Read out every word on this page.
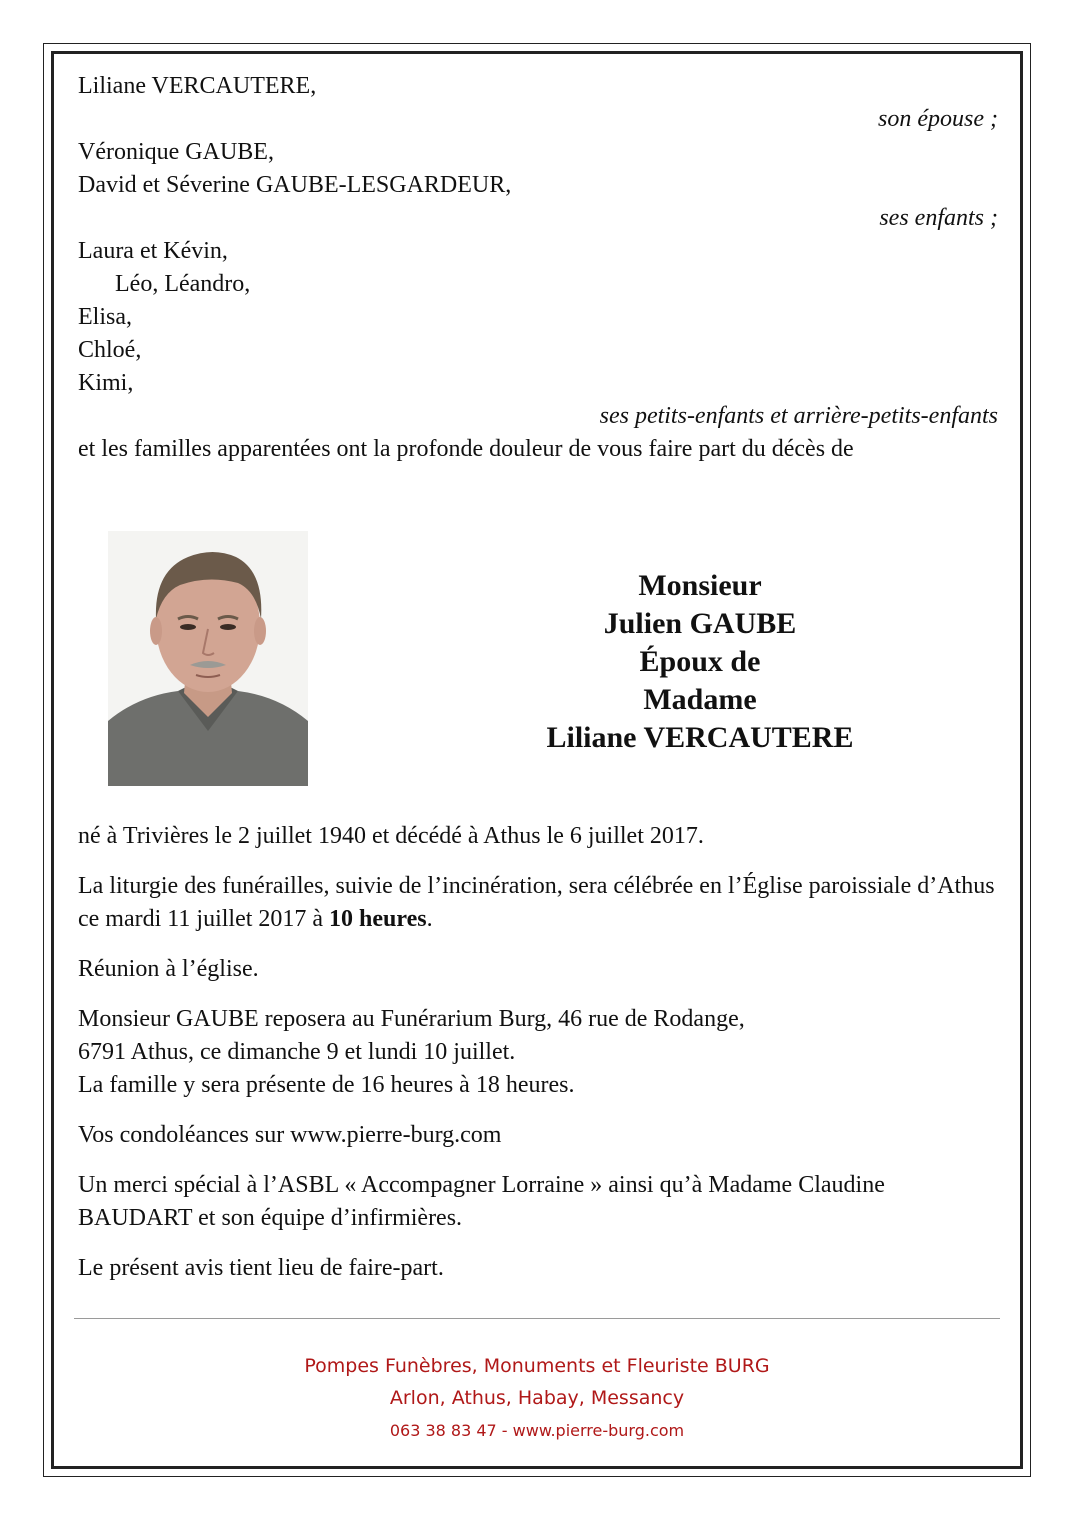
Liliane VERCAUTERE,
son épouse ;
Véronique GAUBE,
David et Séverine GAUBE-LESGARDEUR,
ses enfants ;
Laura et Kévin,
Léo, Léandro,
Elisa,
Chloé,
Kimi,
ses petits-enfants et arrière-petits-enfants
et les familles apparentées ont la profonde douleur de vous faire part du décès de
Monsieur
Julien GAUBE
Époux de
Madame
Liliane VERCAUTERE

né à Trivières le 2 juillet 1940 et décédé à Athus le 6 juillet 2017.

La liturgie des funérailles, suivie de l’incinération, sera célébrée en l’Église paroissiale d’Athus ce mardi 11 juillet 2017 à 10 heures.

Réunion à l’église.

Monsieur GAUBE reposera au Funérarium Burg, 46 rue de Rodange,
6791 Athus, ce dimanche 9 et lundi 10 juillet.
La famille y sera présente de 16 heures à 18 heures.

Vos condoléances sur www.pierre-burg.com

Un merci spécial à l’ASBL « Accompagner Lorraine » ainsi qu’à Madame Claudine BAUDART et son équipe d’infirmières.

Le présent avis tient lieu de faire-part.

Pompes Funèbres, Monuments et Fleuriste BURG
Arlon, Athus, Habay, Messancy
063 38 83 47 - www.pierre-burg.com
